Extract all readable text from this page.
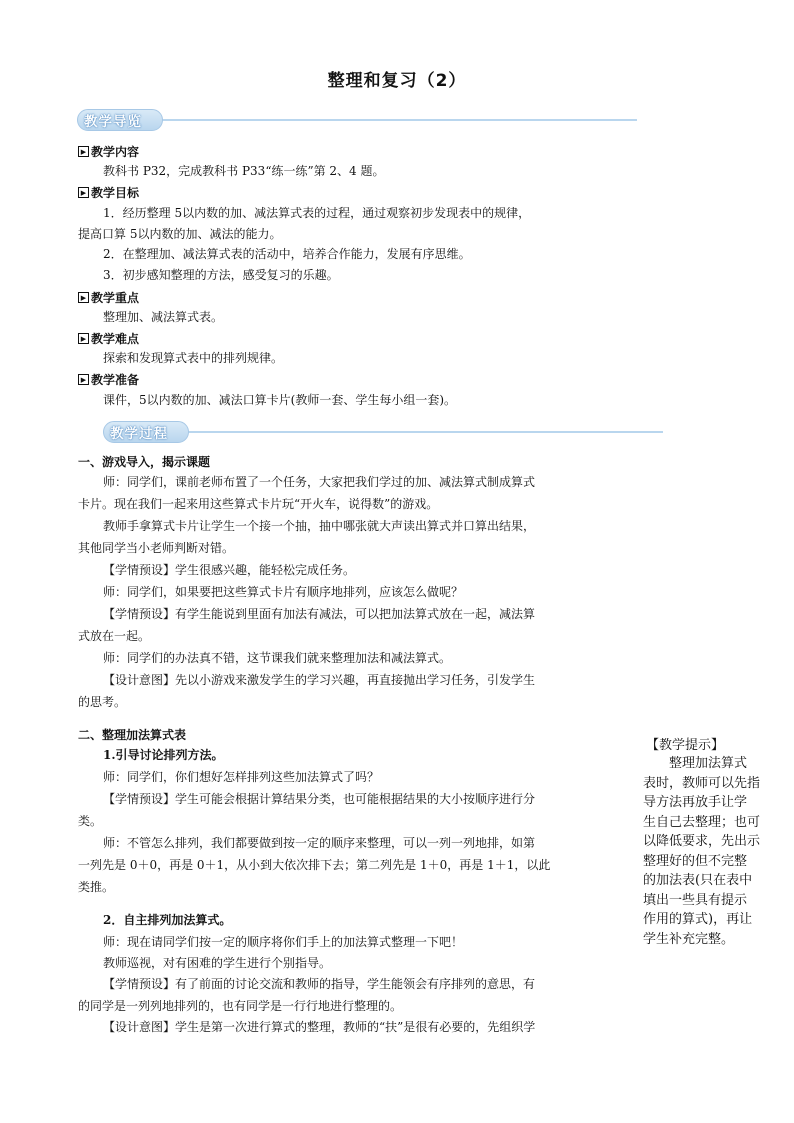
整理和复习（2）
教学导览
▶ 教学内容
教科书 P32，完成教科书 P33“练一练”第 2、4 题。
▶ 教学目标
1．经历整理 5以内数的加、减法算式表的过程，通过观察初步发现表中的规律，
提高口算 5以内数的加、减法的能力。
2．在整理加、减法算式表的活动中，培养合作能力，发展有序思维。
3．初步感知整理的方法，感受复习的乐趣。
▶ 教学重点
整理加、减法算式表。
▶ 教学难点
探索和发现算式表中的排列规律。
▶ 教学准备
课件，5以内数的加、减法口算卡片(教师一套、学生每小组一套)。
教学过程
一、游戏导入，揭示课题
师：同学们，课前老师布置了一个任务，大家把我们学过的加、减法算式制成算式
卡片。现在我们一起来用这些算式卡片玩“开火车，说得数”的游戏。
教师手拿算式卡片让学生一个接一个抽，抽中哪张就大声读出算式并口算出结果，
其他同学当小老师判断对错。
【学情预设】学生很感兴趣，能轻松完成任务。
师：同学们，如果要把这些算式卡片有顺序地排列，应该怎么做呢？
【学情预设】有学生能说到里面有加法有减法，可以把加法算式放在一起，减法算
式放在一起。
师：同学们的办法真不错，这节课我们就来整理加法和减法算式。
【设计意图】先以小游戏来激发学生的学习兴趣，再直接抛出学习任务，引发学生
的思考。
二、整理加法算式表
1.引导讨论排列方法。
师：同学们，你们想好怎样排列这些加法算式了吗？
【学情预设】学生可能会根据计算结果分类，也可能根据结果的大小按顺序进行分
类。
师：不管怎么排列，我们都要做到按一定的顺序来整理，可以一列一列地排，如第
一列先是 0＋0，再是 0＋1，从小到大依次排下去；第二列先是 1＋0，再是 1＋1，以此
类推。
2．自主排列加法算式。
师：现在请同学们按一定的顺序将你们手上的加法算式整理一下吧！
教师巡视，对有困难的学生进行个别指导。
【学情预设】有了前面的讨论交流和教师的指导，学生能领会有序排列的意思，有
的同学是一列列地排列的，也有同学是一行行地进行整理的。
【设计意图】学生是第一次进行算式的整理，教师的“扶”是很有必要的，先组织学
【教学提示】
　　整理加法算式
表时，教师可以先指
导方法再放手让学
生自己去整理；也可
以降低要求，先出示
整理好的但不完整
的加法表(只在表中
填出一些具有提示
作用的算式)，再让
学生补充完整。
